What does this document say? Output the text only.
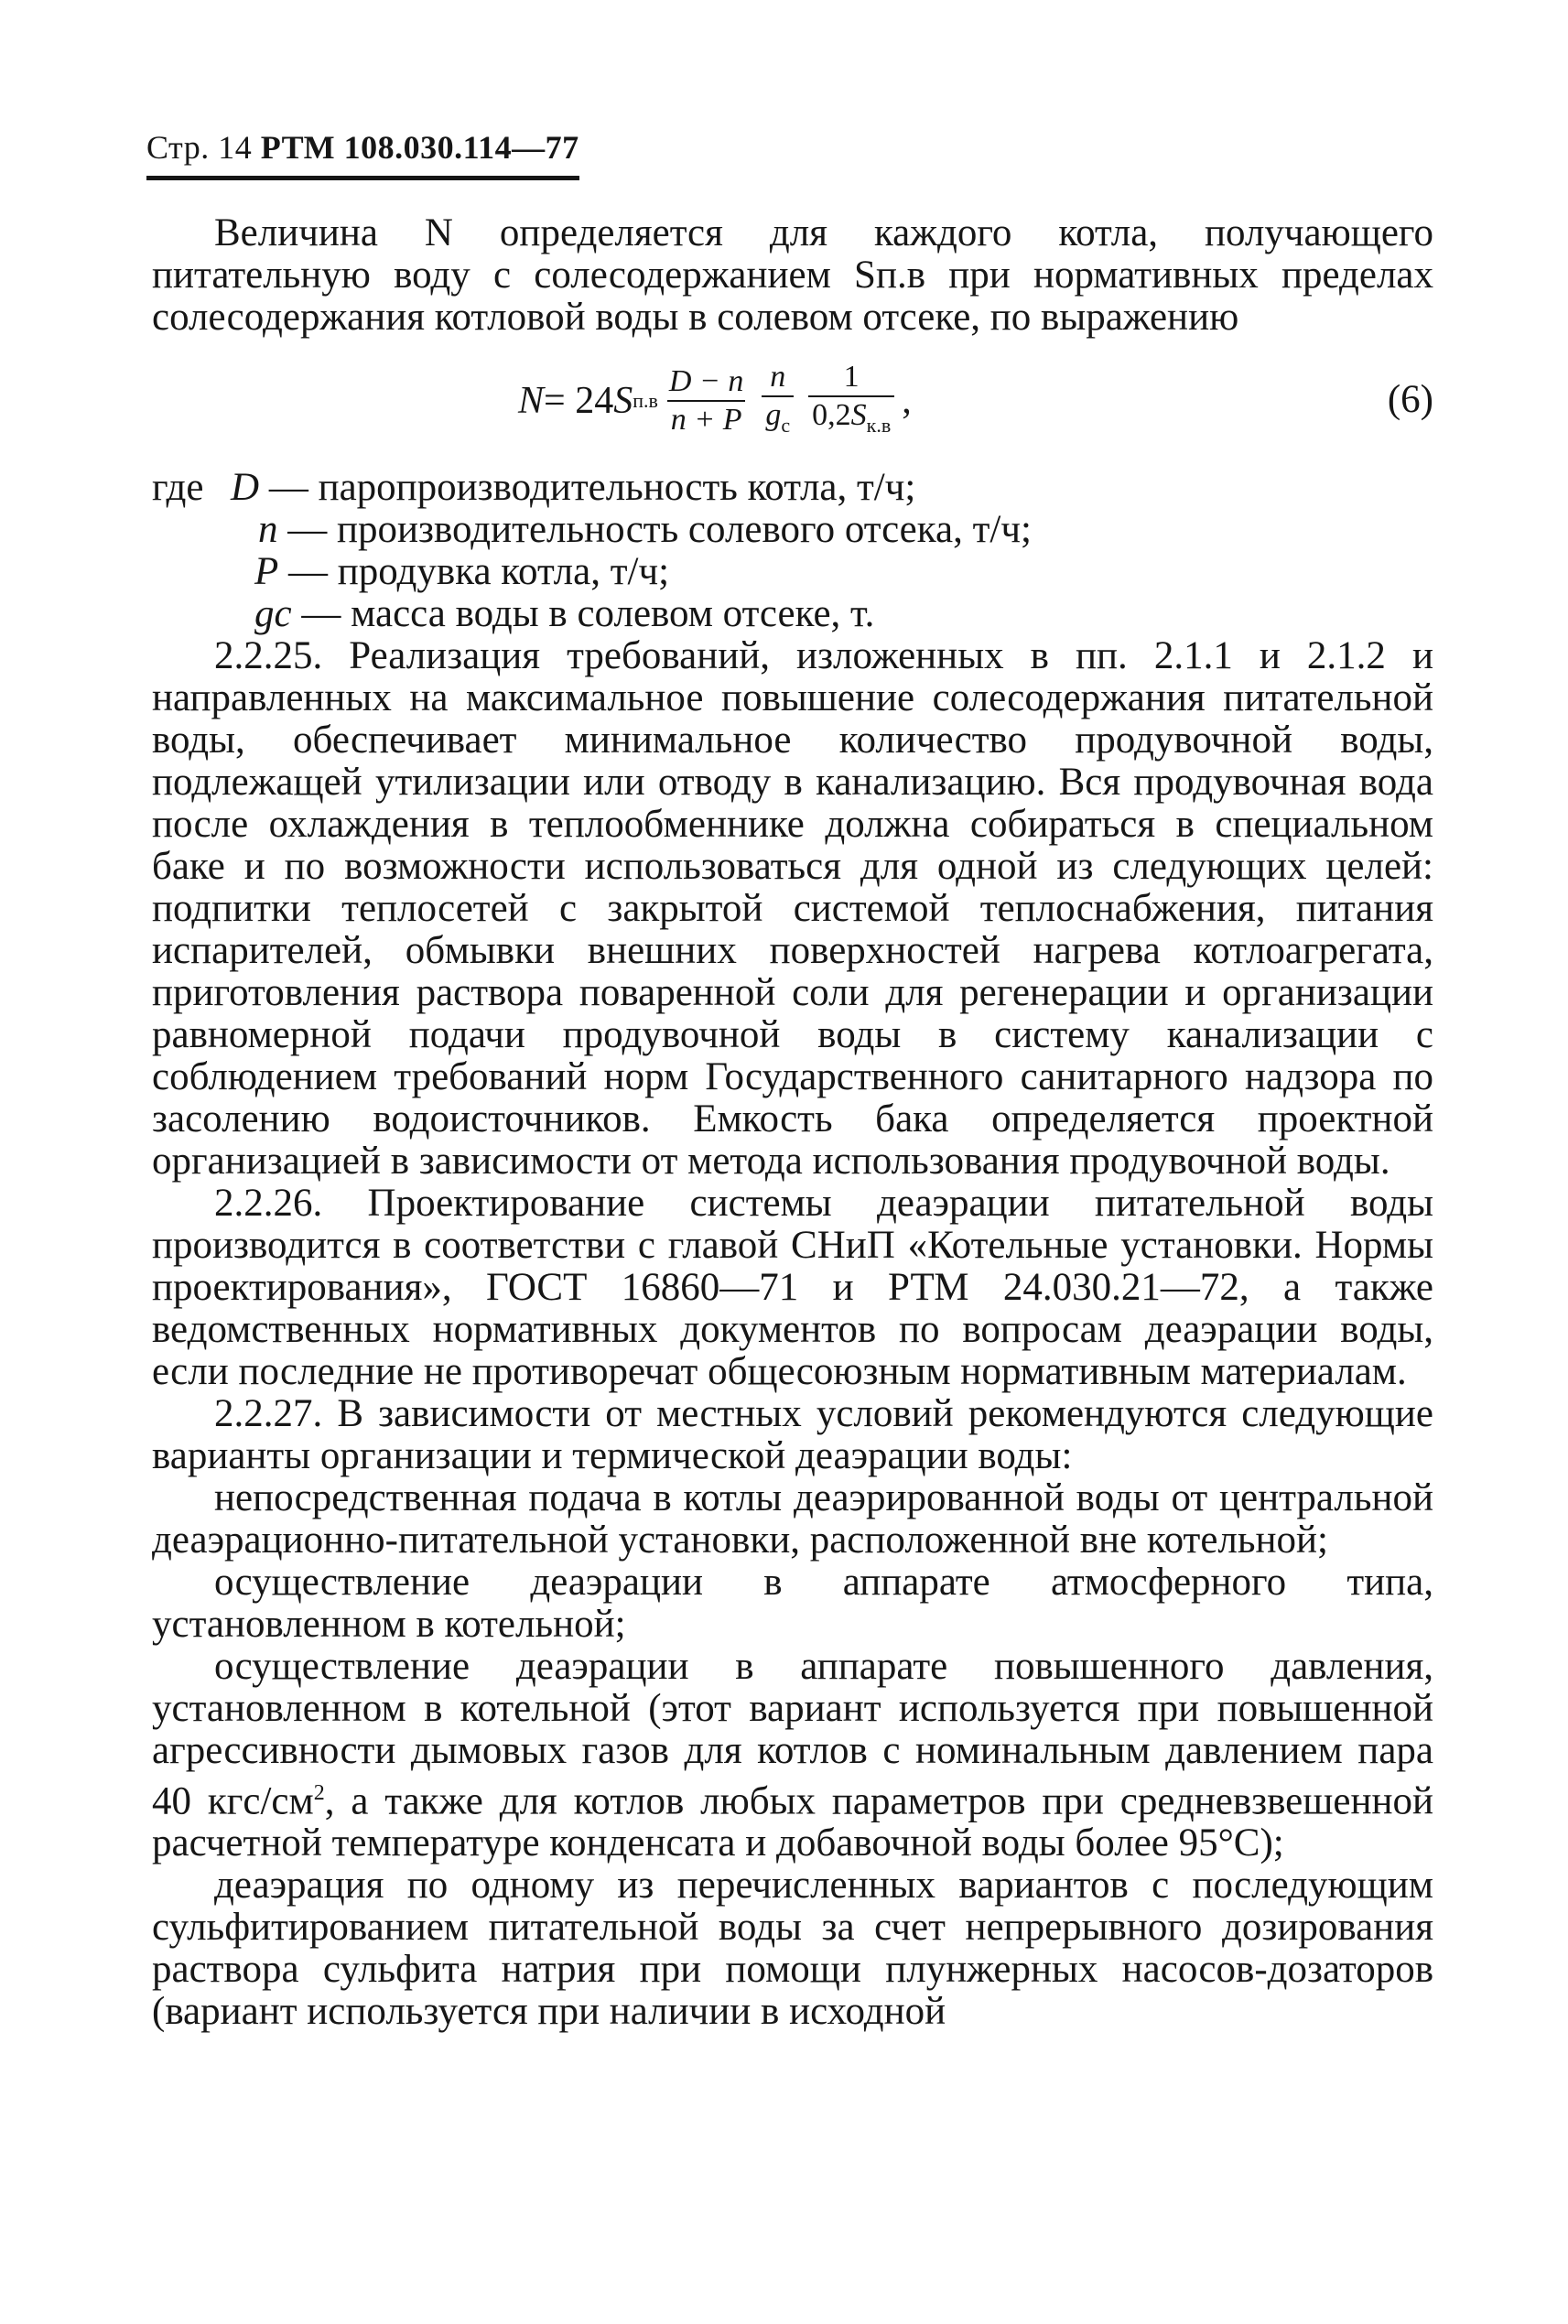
Стр. 14 РТМ 108.030.114—77

Величина N определяется для каждого котла, получающего питательную воду с солесодержанием Sп.в при нормативных пределах солесодержания котловой воды в солевом отсеке, по выражению

N = 24 S $п.в \frac{D - n}{n + P} \frac{n}{g_с} \frac{1}{0,2S_{к.в}}$ ,	(6)
где D — паропроизводительность котла, т/ч;
n — производительность солевого отсека, т/ч;
P — продувка котла, т/ч;
gс — масса воды в солевом отсеке, т.

2.2.25. Реализация требований, изложенных в пп. 2.1.1 и 2.1.2 и направленных на максимальное повышение солесодержания питательной воды, обеспечивает минимальное количество продувочной воды, подлежащей утилизации или отводу в канализацию. Вся продувочная вода после охлаждения в теплообменнике должна собираться в специальном баке и по возможности использоваться для одной из следующих целей: подпитки теплосетей с закрытой системой теплоснабжения, питания испарителей, обмывки внешних поверхностей нагрева котлоагрегата, приготовления раствора поваренной соли для регенерации и организации равномерной подачи продувочной воды в систему канализации с соблюдением требований норм Государственного санитарного надзора по засолению водоисточников. Емкость бака определяется проектной организацией в зависимости от метода использования продувочной воды.

2.2.26. Проектирование системы деаэрации питательной воды производится в соответстви с главой СНиП «Котельные установки. Нормы проектирования», ГОСТ 16860—71 и РТМ 24.030.21—72, а также ведомственных нормативных документов по вопросам деаэрации воды, если последние не противоречат общесоюзным нормативным материалам.

2.2.27. В зависимости от местных условий рекомендуются следующие варианты организации и термической деаэрации воды:

непосредственная подача в котлы деаэрированной воды от центральной деаэрационно-питательной установки, расположенной вне котельной;

осуществление деаэрации в аппарате атмосферного типа, установленном в котельной;

осуществление деаэрации в аппарате повышенного давления, установленном в котельной (этот вариант используется при повышенной агрессивности дымовых газов для котлов с номинальным давлением пара 40 кгс/$см^2$, а также для котлов любых параметров при средневзвешенной расчетной температуре конденсата и добавочной воды более 95°С);

деаэрация по одному из перечисленных вариантов с последующим сульфитированием питательной воды за счет непрерывного дозирования раствора сульфита натрия при помощи плунжерных насосов-дозаторов (вариант используется при наличии в исходной
